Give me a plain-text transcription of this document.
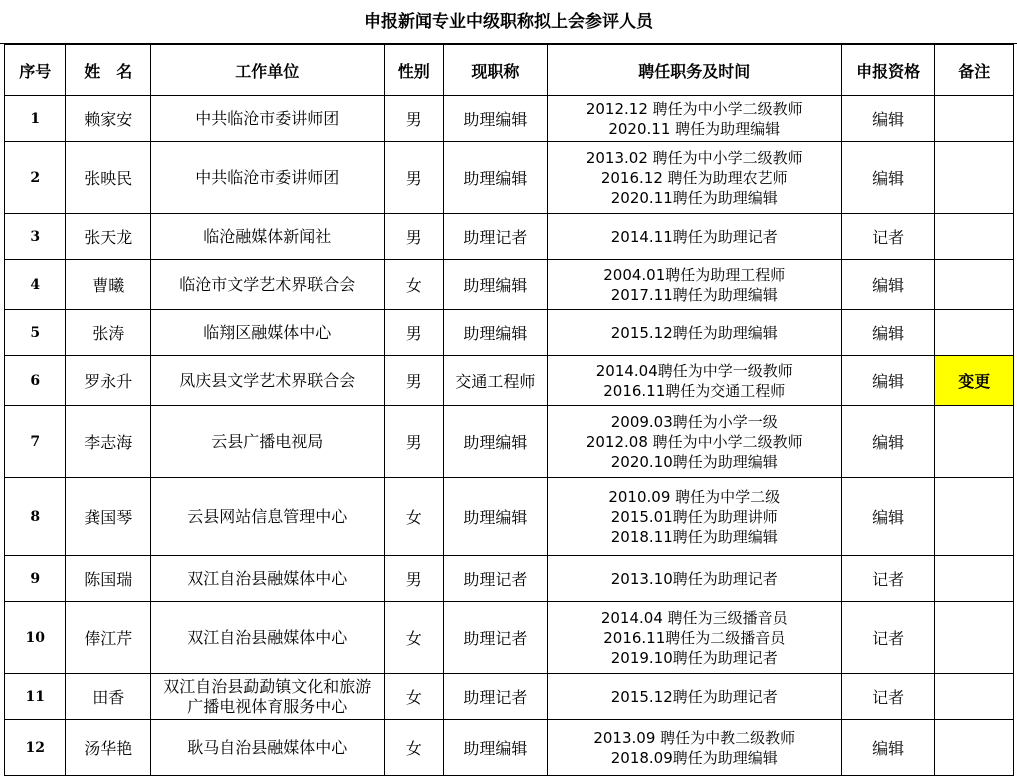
申报新闻专业中级职称拟上会参评人员
序号	姓　名	工作单位	性别	现职称	聘任职务及时间	申报资格	备注
1	赖家安	中共临沧市委讲师团	男	助理编辑	2012.12 聘任为中小学二级教师
2020.11 聘任为助理编辑	编辑	
2	张映民	中共临沧市委讲师团	男	助理编辑	2013.02 聘任为中小学二级教师
2016.12 聘任为助理农艺师
2020.11聘任为助理编辑	编辑	
3	张天龙	临沧融媒体新闻社	男	助理记者	2014.11聘任为助理记者	记者	
4	曹曦	临沧市文学艺术界联合会	女	助理编辑	2004.01聘任为助理工程师
2017.11聘任为助理编辑	编辑	
5	张涛	临翔区融媒体中心	男	助理编辑	2015.12聘任为助理编辑	编辑	
6	罗永升	凤庆县文学艺术界联合会	男	交通工程师	2014.04聘任为中学一级教师
2016.11聘任为交通工程师	编辑	变更
7	李志海	云县广播电视局	男	助理编辑	2009.03聘任为小学一级
2012.08 聘任为中小学二级教师
2020.10聘任为助理编辑	编辑	
8	龚国琴	云县网站信息管理中心	女	助理编辑	2010.09 聘任为中学二级
2015.01聘任为助理讲师
2018.11聘任为助理编辑	编辑	
9	陈国瑞	双江自治县融媒体中心	男	助理记者	2013.10聘任为助理记者	记者	
10	俸江芹	双江自治县融媒体中心	女	助理记者	2014.04 聘任为三级播音员
2016.11聘任为二级播音员
2019.10聘任为助理记者	记者	
11	田香	双江自治县勐勐镇文化和旅游
广播电视体育服务中心	女	助理记者	2015.12聘任为助理记者	记者	
12	汤华艳	耿马自治县融媒体中心	女	助理编辑	2013.09 聘任为中教二级教师
2018.09聘任为助理编辑	编辑	
